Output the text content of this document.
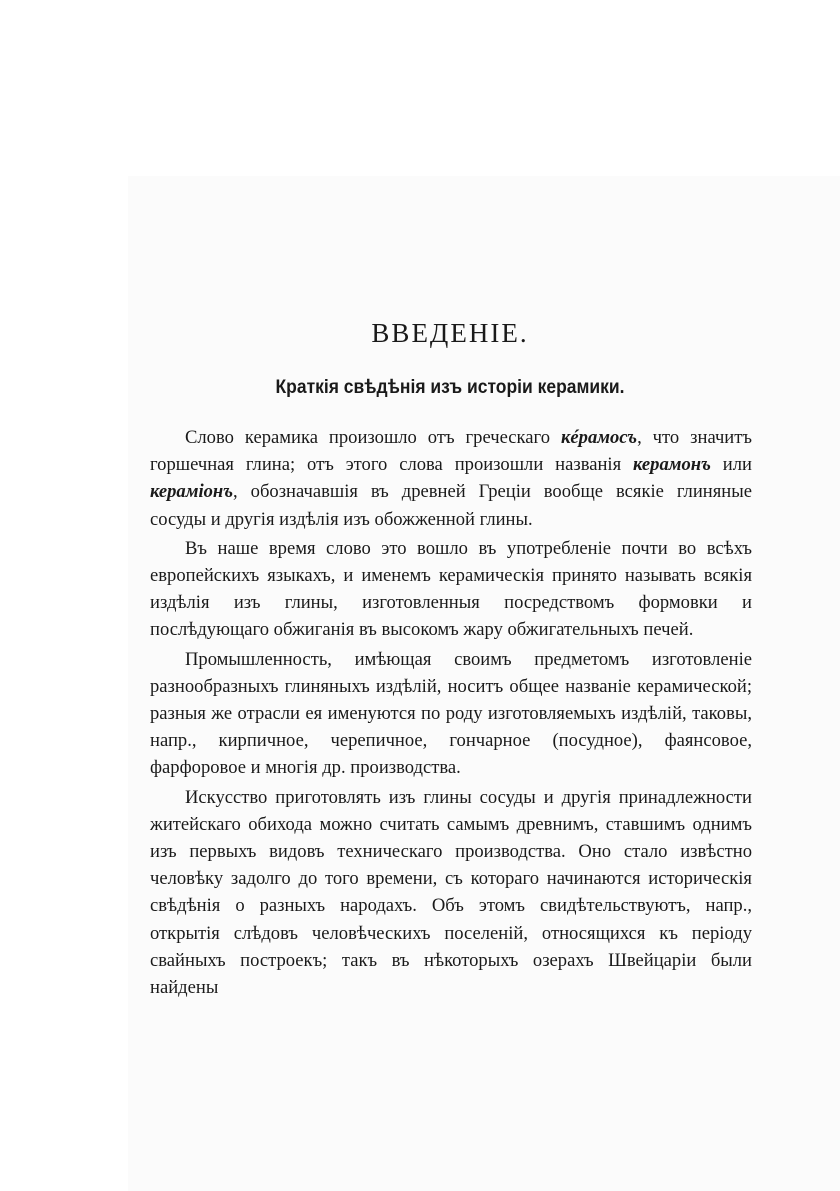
ВВЕДЕНІЕ.
Краткія свѣдѣнія изъ исторіи керамики.

Слово керамика произошло отъ греческаго кéрамосъ, что значитъ горшечная глина; отъ этого слова произошли названія керамонъ или керамiонъ, обозначавшія въ древней Греціи вообще всякіе глиняные сосуды и другія издѣлія изъ обожженной глины.

Въ наше время слово это вошло въ употребленіе почти во всѣхъ европейскихъ языкахъ, и именемъ керамическія принято называть всякія издѣлія изъ глины, изготовленныя посредствомъ формовки и послѣдующаго обжиганія въ высокомъ жару обжигательныхъ печей.

Промышленность, имѣющая своимъ предметомъ изготовленіе разнообразныхъ глиняныхъ издѣлій, носитъ общее названіе керамической; разныя же отрасли ея именуются по роду изготовляемыхъ издѣлій, таковы, напр., кирпичное, черепичное, гончарное (посудное), фаянсовое, фарфоровое и многія др. производства.

Искусство приготовлять изъ глины сосуды и другія принадлежности житейскаго обихода можно считать самымъ древнимъ, ставшимъ однимъ изъ первыхъ видовъ техническаго производства. Оно стало извѣстно человѣку задолго до того времени, съ котораго начинаются историческія свѣдѣнія о разныхъ народахъ. Объ этомъ свидѣтельствуютъ, напр., открытія слѣдовъ человѣческихъ поселеній, относящихся къ періоду свайныхъ построекъ; такъ въ нѣкоторыхъ озерахъ Швейцаріи были найдены
